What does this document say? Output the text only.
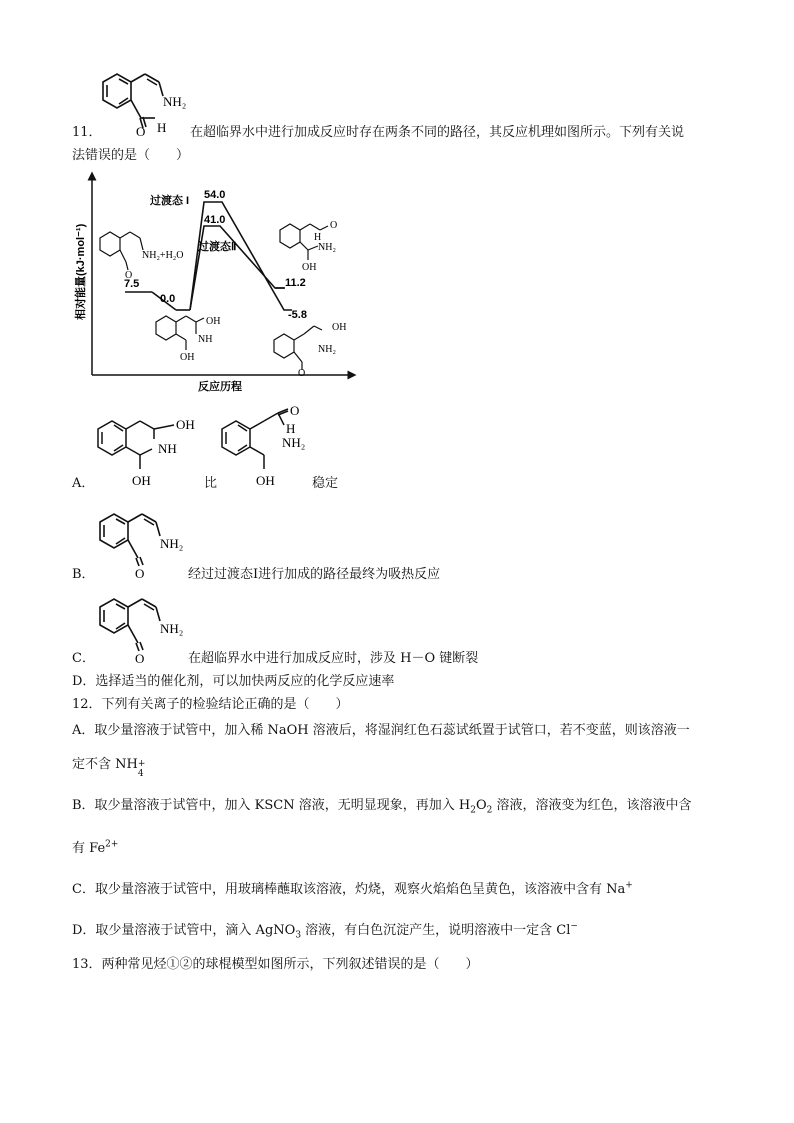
NH₂
O H
11．	在超临界水中进行加成反应时存在两条不同的路径，其反应机理如图所示。下列有关说
法错误的是（　　）
相对能量(kJ·mol⁻¹)
反应历程
过渡态 I
过渡态Ⅱ
54.0
41.0
7.5
0.0
11.2
-5.8
NH₂+H₂O
O
OH
NH
OH
O
H
NH₂
OH
OH
NH₂
O
OH
NH
OH
A．	比
O
H
NH₂
OH	稳定
NH₂
O
B．	经过过渡态Ⅰ进行加成的路径最终为吸热反应
NH₂
O
C．	在超临界水中进行加成反应时，涉及 H－O 键断裂
D．选择适当的催化剂，可以加快两反应的化学反应速率
12．下列有关离子的检验结论正确的是（　　）
A．取少量溶液于试管中，加入稀 NaOH 溶液后，将湿润红色石蕊试纸置于试管口，若不变蓝，则该溶液一
定不含 NH +
4
B．取少量溶液于试管中，加入 KSCN 溶液，无明显现象，再加入 $H_2O_2$ 溶液，溶液变为红色，该溶液中含
有 $Fe^{2+}$
C．取少量溶液于试管中，用玻璃棒蘸取该溶液，灼烧，观察火焰焰色呈黄色，该溶液中含有 Na+
D．取少量溶液于试管中，滴入 AgNO$_3$ 溶液，有白色沉淀产生，说明溶液中一定含 Cl−
13．两种常见烃①②的球棍模型如图所示，下列叙述错误的是（　　）
